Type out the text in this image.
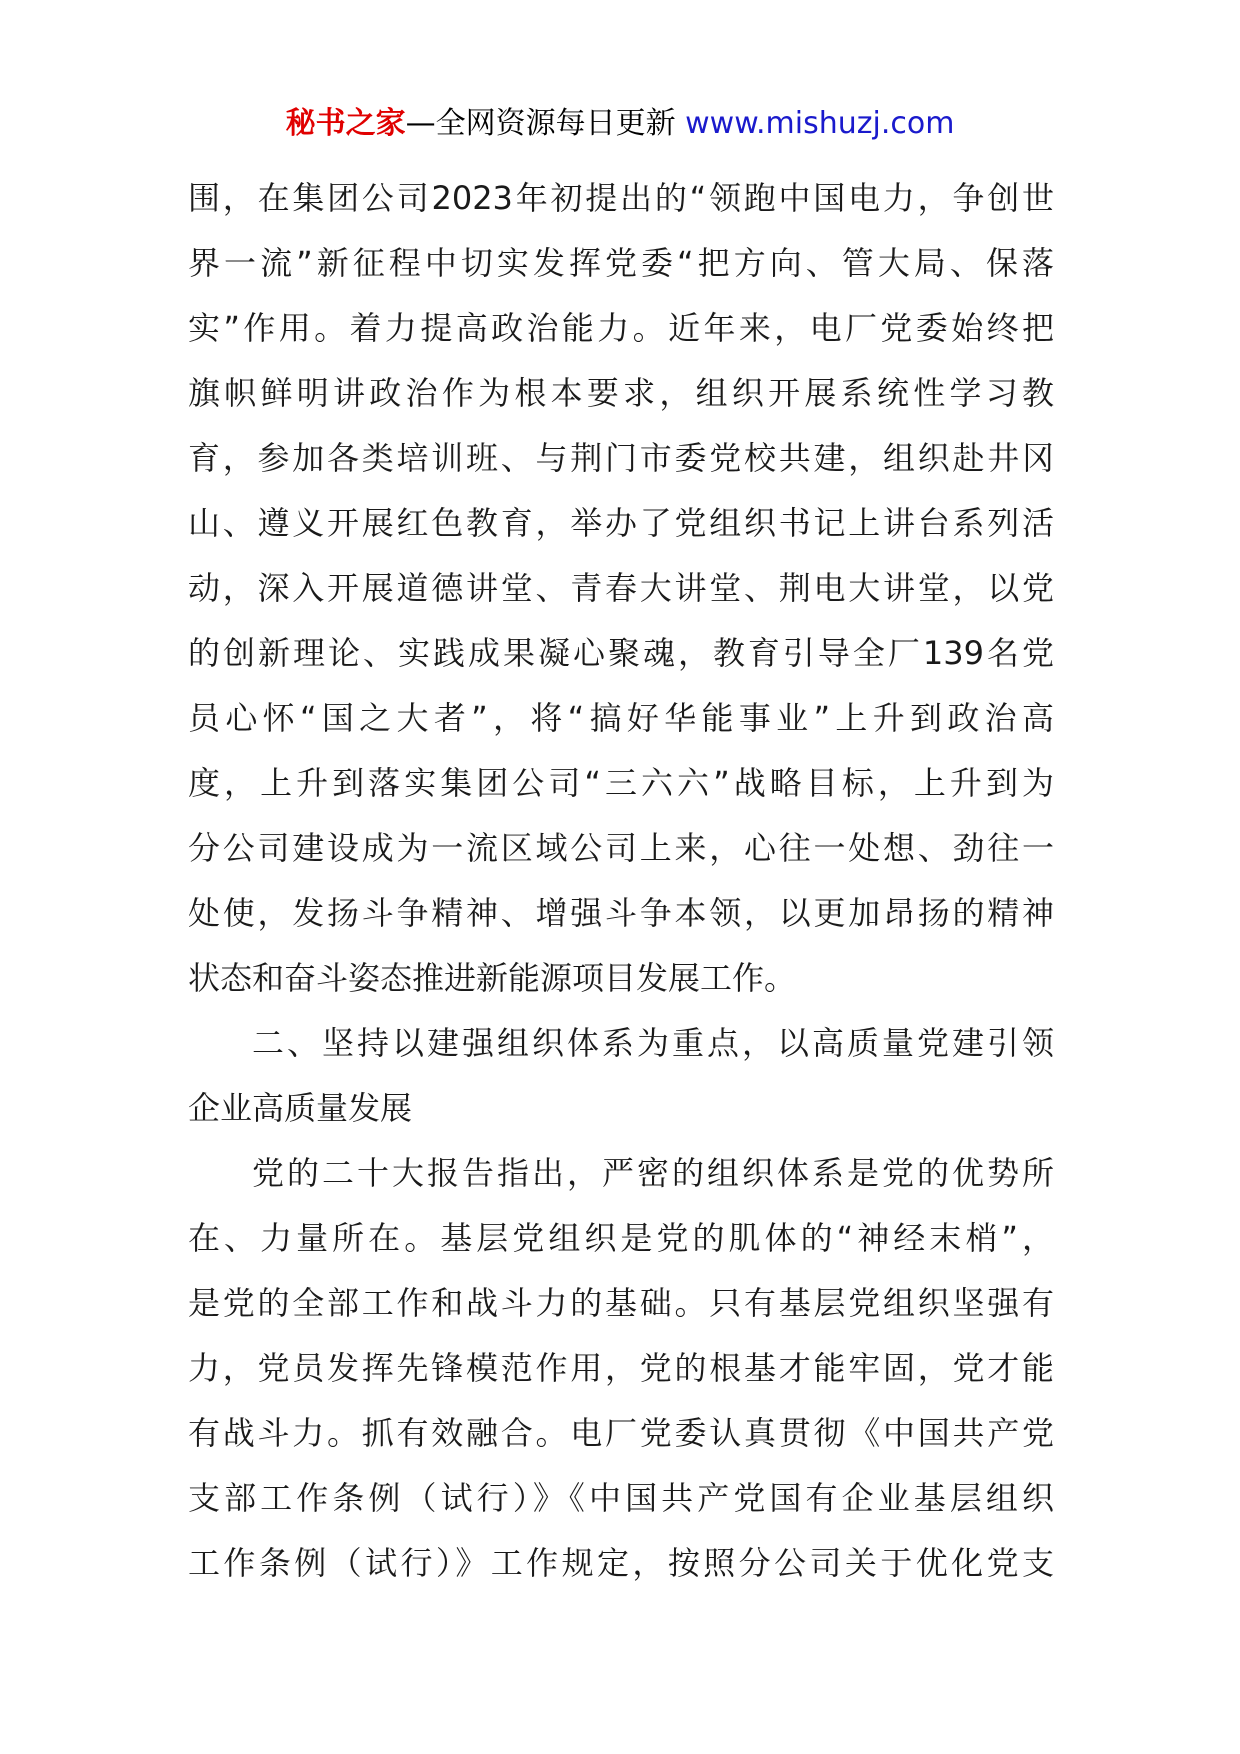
秘书之家—全网资源每日更新 www.mishuzj.com
围，在集团公司2023年初提出的“领跑中国电力，争创世
界一流”新征程中切实发挥党委“把方向、管大局、保落
实”作用。着力提高政治能力。近年来，电厂党委始终把
旗帜鲜明讲政治作为根本要求，组织开展系统性学习教
育，参加各类培训班、与荆门市委党校共建，组织赴井冈
山、遵义开展红色教育，举办了党组织书记上讲台系列活
动，深入开展道德讲堂、青春大讲堂、荆电大讲堂，以党
的创新理论、实践成果凝心聚魂，教育引导全厂139名党
员心怀“国之大者”，将“搞好华能事业”上升到政治高
度，上升到落实集团公司“三六六”战略目标，上升到为
分公司建设成为一流区域公司上来，心往一处想、劲往一
处使，发扬斗争精神、增强斗争本领，以更加昂扬的精神
状态和奋斗姿态推进新能源项目发展工作。
二、坚持以建强组织体系为重点，以高质量党建引领
企业高质量发展
党的二十大报告指出，严密的组织体系是党的优势所
在、力量所在。基层党组织是党的肌体的“神经末梢”，
是党的全部工作和战斗力的基础。只有基层党组织坚强有
力，党员发挥先锋模范作用，党的根基才能牢固，党才能
有战斗力。抓有效融合。电厂党委认真贯彻《中国共产党
支部工作条例（试行）》《中国共产党国有企业基层组织
工作条例（试行）》工作规定，按照分公司关于优化党支
